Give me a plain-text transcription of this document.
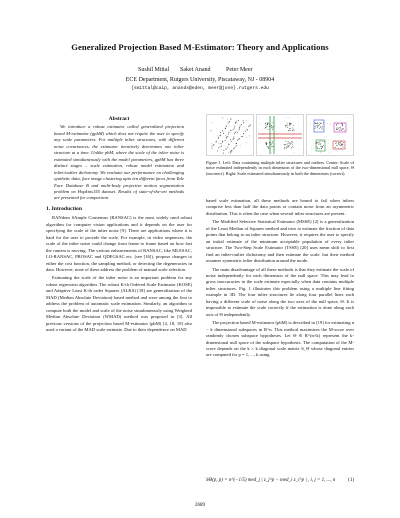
Generalized Projection Based M-Estimator: Theory and Applications
Sushil Mittal Saket Anand	Peter Meer
ECE Department, Rutgers University, Piscataway, NJ - 08904
{smittal@caip, anands@eden, meer@jove}.rutgers.edu
Abstract

We introduce a robust estimator called generalized projection based M-estimator (gpbM) which does not require the user to specify any scale parameters. For multiple inlier structures, with different noise covariances, the estimator iteratively determines one inlier structure at a time. Unlike pbM, where the scale of the inlier noise is estimated simultaneously with the model parameters, gpbM has three distinct stages – scale estimation, robust model estimation and inlier/outlier dichotomy. We evaluate our performance on challenging synthetic data, face image clustering upto ten different faces from Yale Face Database B and multi-body projective motion segmentation problem on Hopkins155 dataset. Results of state-of-the-art methods are presented for comparison.

1. Introduction

RANdom SAmple Consensus (RANSAC) is the most widely used robust algorithm for computer vision applications and it depends on the user for specifying the scale of the inlier noise [9]. There are applications where it is hard for the user to provide the scale. For example, in video sequences, the scale of the inlier noise could change from frame to frame based on how fast the camera is moving. The various enhancements of RANSAC, like MLESAC, LO-RANSAC, PROSAC and QDEGSAC etc. (see [16]), propose changes to either the cost function, the sampling method, or detecting the degeneracies in data. However, none of these address the problem of manual scale selection.

Estimating the scale of the inlier noise is an important problem for any robust regression algorithm. The robust K-th Ordered Scale Estimator (KOSE) and Adaptive Least K-th order Squares (ALKS) [18] are generalization of the MAD (Median Absolute Deviation) based method and were among the first to address the problem of automatic scale estimation. Similarly, an algorithm to compute both the model and scale of the noise simultaneously using Weighted Median Absolute Deviation (WMAD) method was proposed in [3]. All previous versions of the projection based M-estimator (pbM) [4, 18, 19] also used a variant of the MAD scale estimate. Due to their dependence on MAD

Figure 1. Left: Data containing multiple inlier structures and outliers. Center: Scale of noise estimated independently in each dimension of the two-dimensional null space, Θ (incorrect). Right: Scale estimated simultaneously in both the dimensions (correct).

based scale estimation, all these methods are bound to fail when inliers comprise less than half the data points or contain noise from an asymmetric distribution. This is often the case when several inlier structures are present.

The Modified Selective Statistical Estimator (MSSE) [2] is a generalization of the Least Median of Squares method and tries to estimate the fraction of data points that belong to an inlier structure. However, it requires the user to specify an initial estimate of the minimum acceptable population of every inlier structure. The Two-Step Scale Estimator (TSSE) [20] uses mean shift to first find an inlier-outlier dichotomy and then estimate the scale, but their method assumes symmetric inlier distribution around the mode.

The main disadvantage of all these methods is that they estimate the scale of noise independently for each dimension of the null space. This may lead to gross inaccuracies in the scale estimate especially when data contains multiple inlier structures. Fig. 1 illustrates this problem using a multiple line fitting example in 3D. The four inlier structures lie along four parallel lines each having a different scale of noise along the two axes of the null space, Θ. It is impossible to estimate the scale correctly if the estimation is done along each axis of Θ independently.

The projection based M-estimator (pbM) is described in [19] for estimating n − k dimensional subspaces in R^n. This method maximizes the M-score over randomly chosen subspace hypotheses. Let Θ ∈ R^(n×k) represent the k-dimensional null space of the subspace hypothesis. The computation of the M-score depends on the k × k diagonal scale matrix S_Θ whose diagonal entries are computed for p = 1, ..., k using

SΘ(p, p) = n^(−1/5) med_j | z_j^p − med_i z_i^p | , i, j = 1, ..., n	(1)
2689
